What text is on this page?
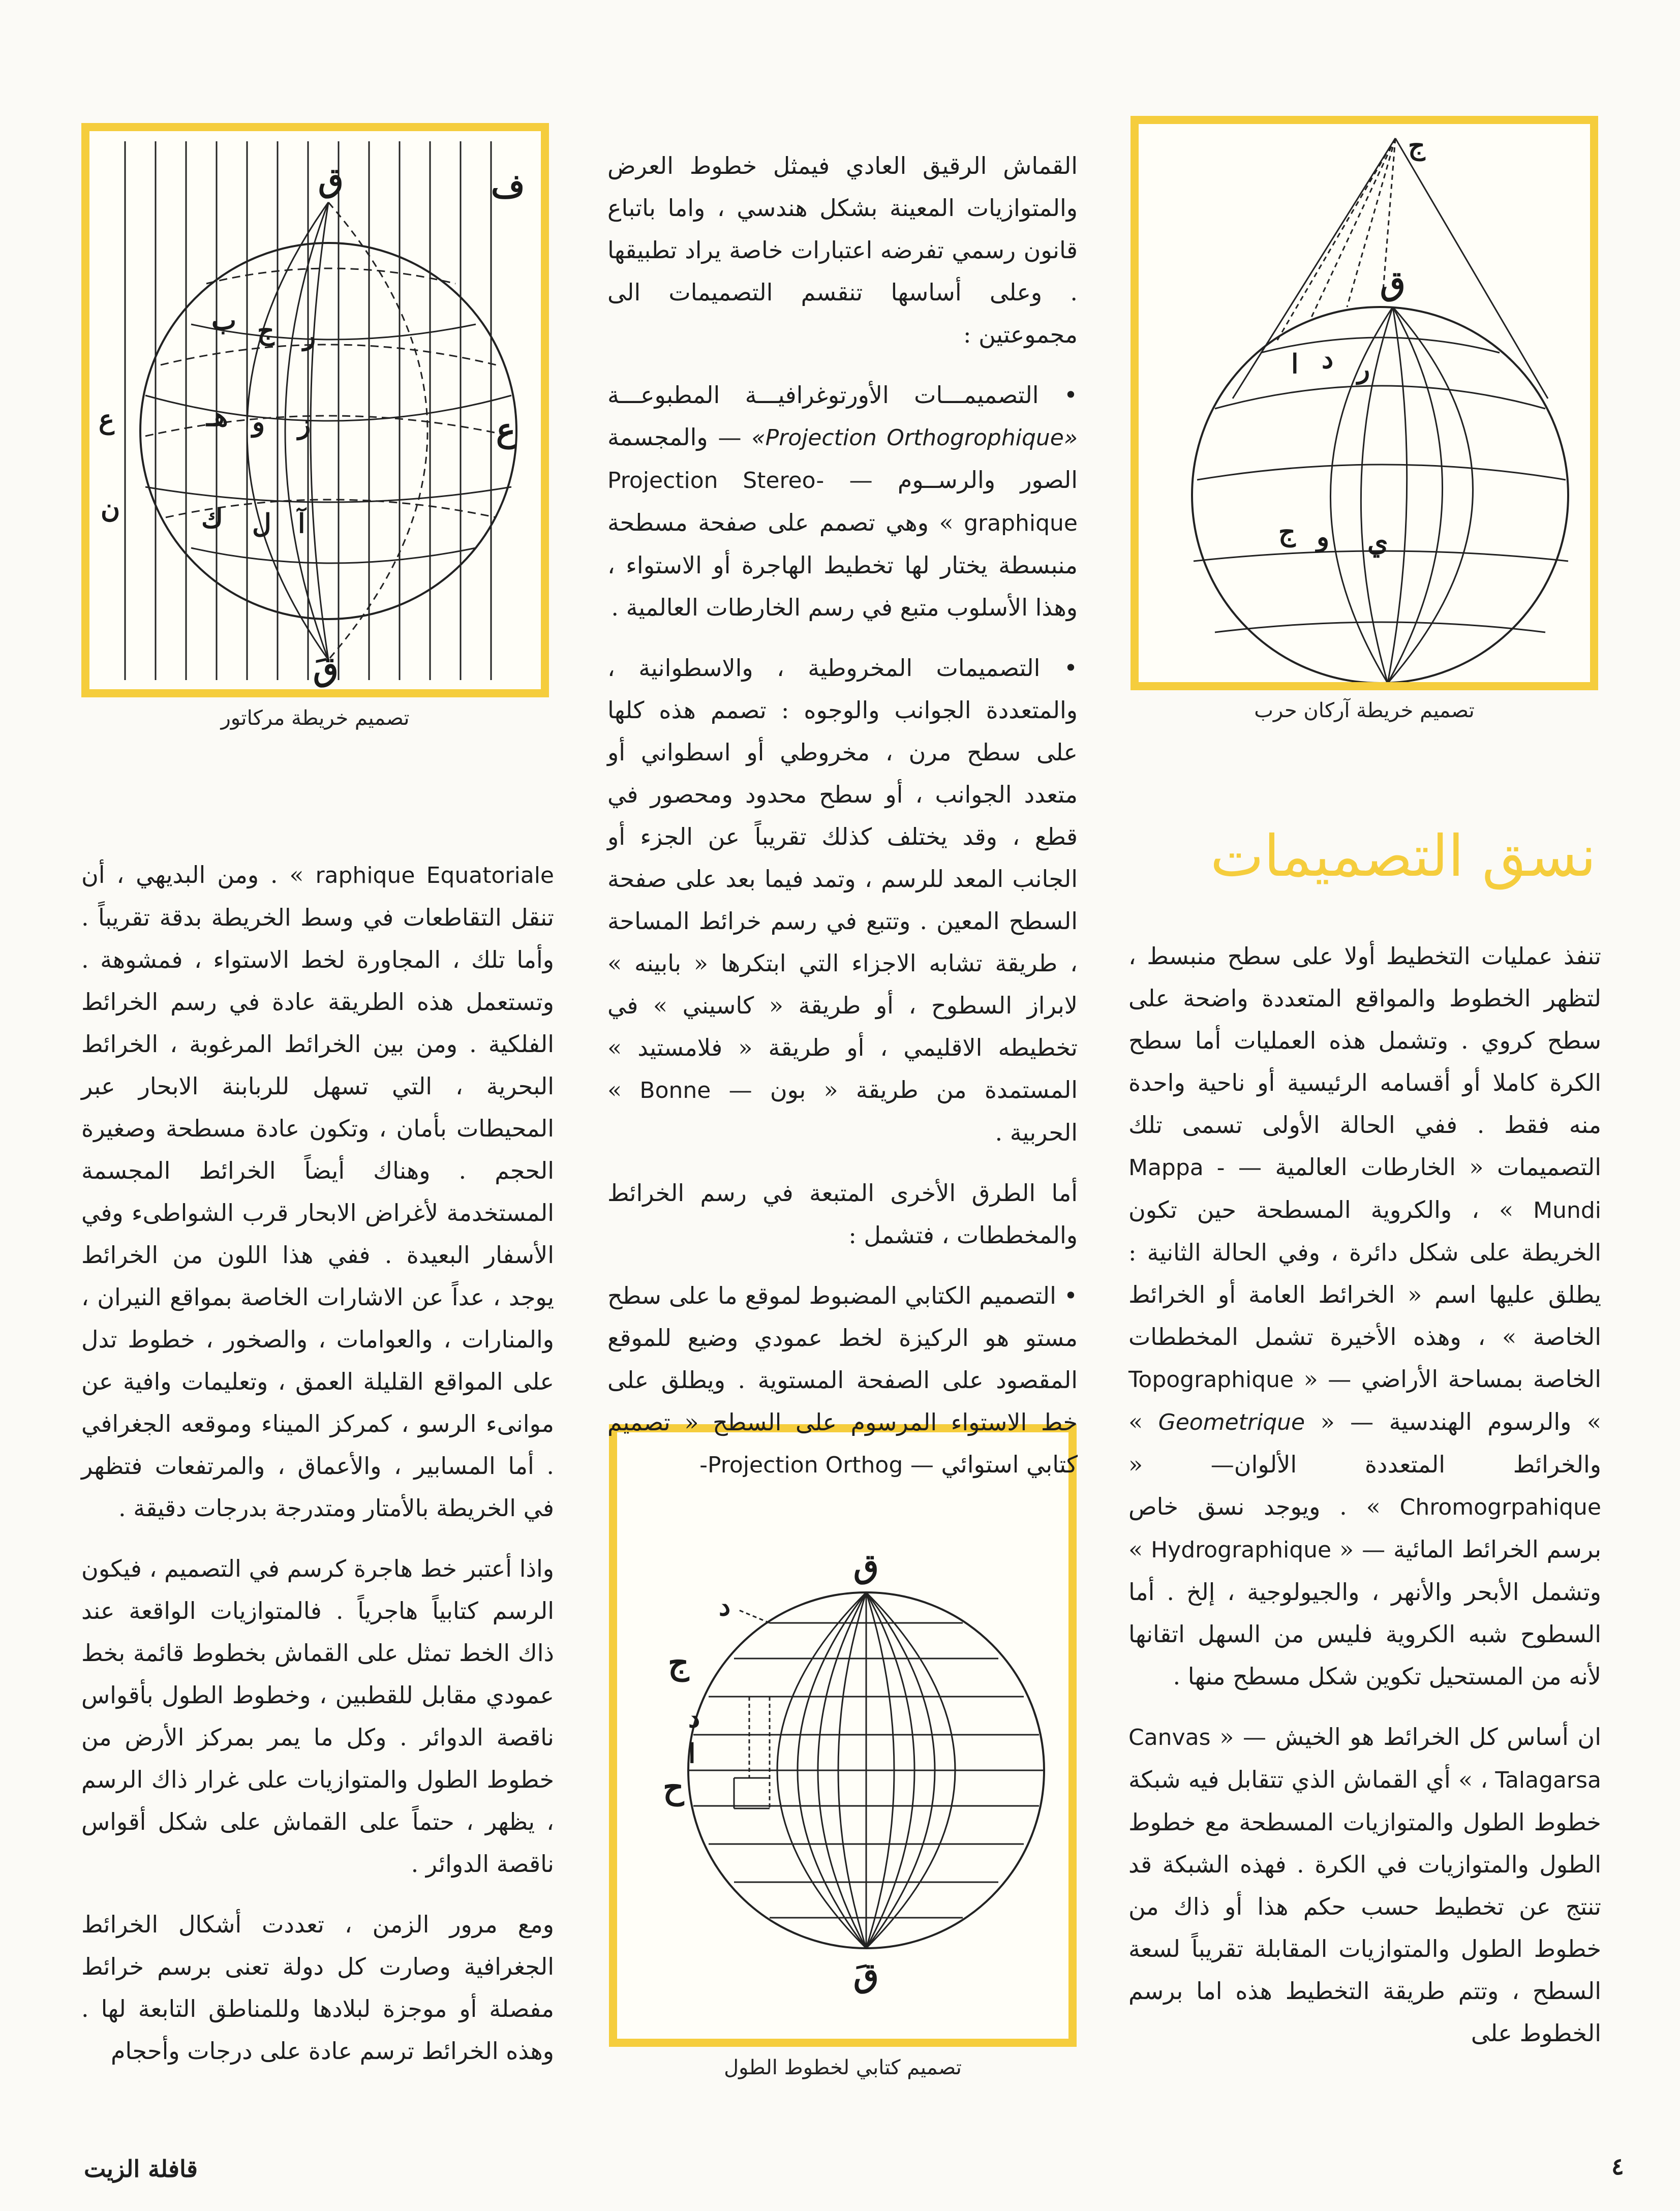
ق
قَ
ف
ع
ع
ن
ب ج ر
هـ و ز
ك ل آ
تصميم خريطة مركاتور
ج
ق
ا د ر
ج و ي
تصميم خريطة آركان حرب
نسق التصميمات
ق
قَ
د
ج
د
ا
ح
تصميم كتابي لخطوط الطول

القماش الرقيق العادي فيمثل خطوط العرض والمتوازيات المعينة بشكل هندسي ، واما باتباع قانون رسمي تفرضه اعتبارات خاصة يراد تطبيقها . وعلى أساسها تنقسم التصميمات الى مجموعتين :

• التصميمـــات الأورتوغرافيـــة المطبوعـــة «Projection Orthogrophique» — والمجسمة الصور والرســوم — Projection Stereo-graphique » وهي تصمم على صفحة مسطحة منبسطة يختار لها تخطيط الهاجرة أو الاستواء ، وهذا الأسلوب متبع في رسم الخارطات العالمية .

• التصميمات المخروطية ، والاسطوانية ، والمتعددة الجوانب والوجوه : تصمم هذه كلها على سطح مرن ، مخروطي أو اسطواني أو متعدد الجوانب ، أو سطح محدود ومحصور في قطع ، وقد يختلف كذلك تقريباً عن الجزء أو الجانب المعد للرسم ، وتمد فيما بعد على صفحة السطح المعين . وتتبع في رسم خرائط المساحة ، طريقة تشابه الاجزاء التي ابتكرها « بابينه » لابراز السطوح ، أو طريقة « كاسيني » في تخطيطه الاقليمي ، أو طريقة « فلامستيد » المستمدة من طريقة « بون — Bonne » الحربية .

أما الطرق الأخرى المتبعة في رسم الخرائط والمخططات ، فتشمل :

• التصميم الكتابي المضبوط لموقع ما على سطح مستو هو الركيزة لخط عمودي وضيع للموقع المقصود على الصفحة المستوية . ويطلق على خط الاستواء المرسوم على السطح « تصميم كتابي استوائي — Projection Orthog-

raphique Equatoriale » . ومن البديهي ، أن تنقل التقاطعات في وسط الخريطة بدقة تقريباً . وأما تلك ، المجاورة لخط الاستواء ، فمشوهة . وتستعمل هذه الطريقة عادة في رسم الخرائط الفلكية . ومن بين الخرائط المرغوبة ، الخرائط البحرية ، التي تسهل للربابنة الابحار عبر المحيطات بأمان ، وتكون عادة مسطحة وصغيرة الحجم . وهناك أيضاً الخرائط المجسمة المستخدمة لأغراض الابحار قرب الشواطىء وفي الأسفار البعيدة . ففي هذا اللون من الخرائط يوجد ، عداً عن الاشارات الخاصة بمواقع النيران ، والمنارات ، والعوامات ، والصخور ، خطوط تدل على المواقع القليلة العمق ، وتعليمات وافية عن موانىء الرسو ، كمركز الميناء وموقعه الجغرافي . أما المسابير ، والأعماق ، والمرتفعات فتظهر في الخريطة بالأمتار ومتدرجة بدرجات دقيقة .

واذا أعتبر خط هاجرة كرسم في التصميم ، فيكون الرسم كتابياً هاجرياً . فالمتوازيات الواقعة عند ذاك الخط تمثل على القماش بخطوط قائمة بخط عمودي مقابل للقطبين ، وخطوط الطول بأقواس ناقصة الدوائر . وكل ما يمر بمركز الأرض من خطوط الطول والمتوازيات على غرار ذاك الرسم ، يظهر ، حتماً على القماش على شكل أقواس ناقصة الدوائر .

ومع مرور الزمن ، تعددت أشكال الخرائط الجغرافية وصارت كل دولة تعنى برسم خرائط مفصلة أو موجزة لبلادها وللمناطق التابعة لها . وهذه الخرائط ترسم عادة على درجات وأحجام

تنفذ عمليات التخطيط أولا على سطح منبسط ، لتظهر الخطوط والمواقع المتعددة واضحة على سطح كروي . وتشمل هذه العمليات أما سطح الكرة كاملا أو أقسامه الرئيسية أو ناحية واحدة منه فقط . ففي الحالة الأولى تسمى تلك التصميمات « الخارطات العالمية — Mappa - Mundi » ، والكروية المسطحة حين تكون الخريطة على شكل دائرة ، وفي الحالة الثانية : يطلق عليها اسم « الخرائط العامة أو الخرائط الخاصة » ، وهذه الأخيرة تشمل المخططات الخاصة بمساحة الأراضي — « Topographique » والرسوم الهندسية — « Geometrique » والخرائط المتعددة الألوان— « Chromogrpahique » . ويوجد نسق خاص برسم الخرائط المائية — « Hydrographique » وتشمل الأبحر والأنهر ، والجيولوجية ، إلخ . أما السطوح شبه الكروية فليس من السهل اتقانها لأنه من المستحيل تكوين شكل مسطح منها .

ان أساس كل الخرائط هو الخيش — « Canvas ، Talagarsa » أي القماش الذي تتقابل فيه شبكة خطوط الطول والمتوازيات المسطحة مع خطوط الطول والمتوازيات في الكرة . فهذه الشبكة قد تنتج عن تخطيط حسب حكم هذا أو ذاك من خطوط الطول والمتوازيات المقابلة تقريباً لسعة السطح ، وتتم طريقة التخطيط هذه اما برسم الخطوط على

٤
قافلة الزيت
